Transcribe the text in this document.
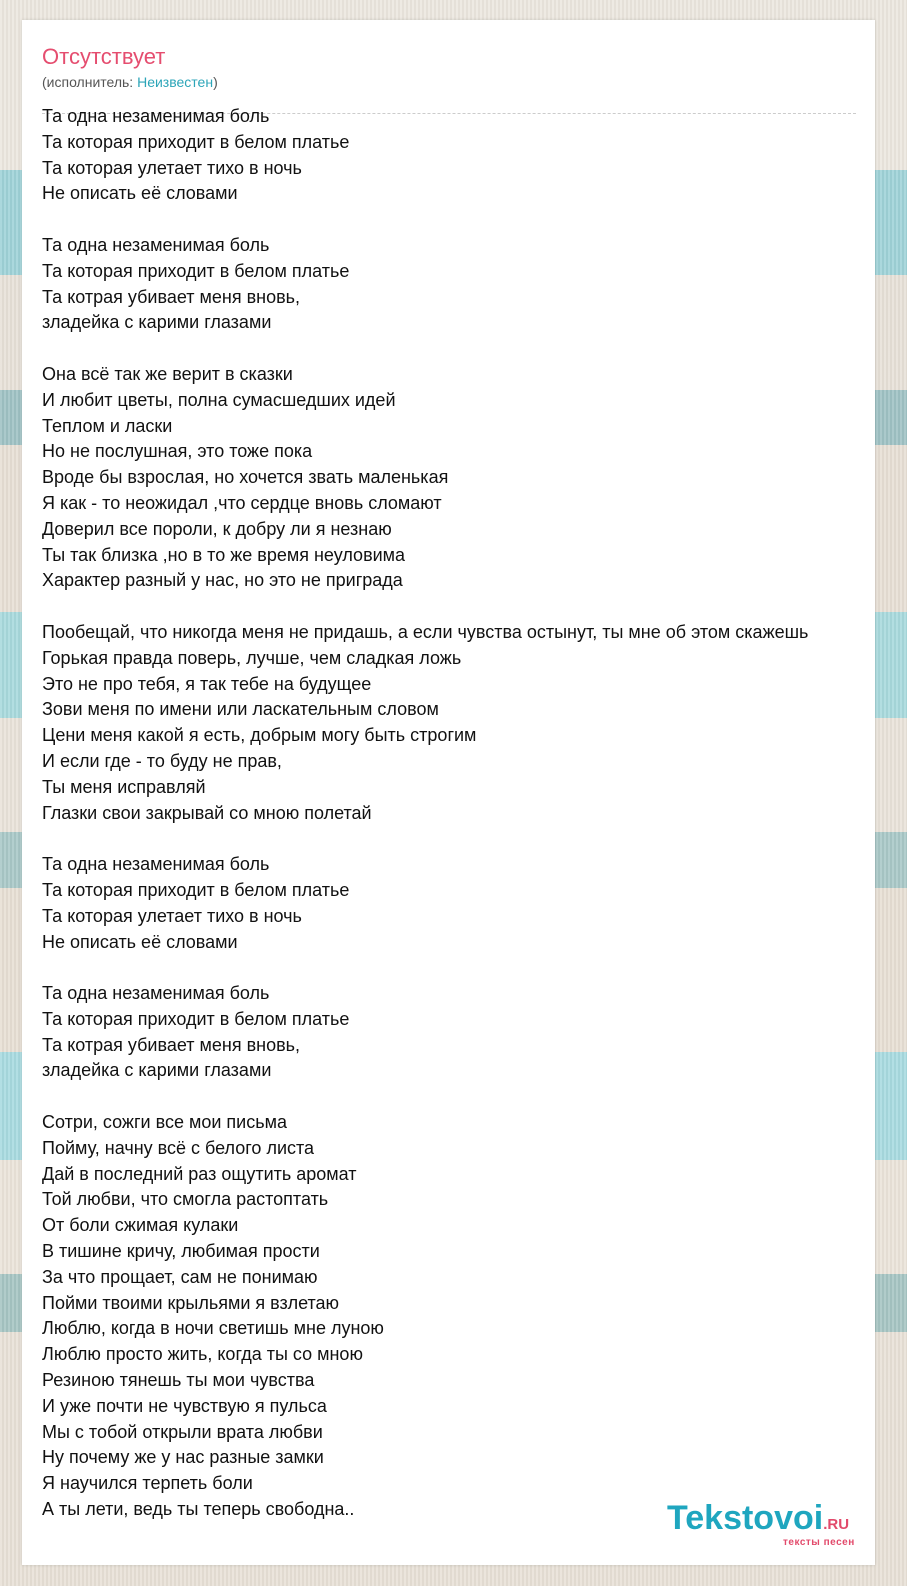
Отсутствует
(исполнитель: Неизвестен)
Та одна незаменимая боль
Та которая приходит в белом платье
Та которая улетает тихо в ночь
Не описать её словами

Та одна незаменимая боль
Та которая приходит в белом платье
Та котрая убивает меня вновь,
зладейка с карими глазами

Она всё так же верит в сказки
И любит цветы, полна сумасшедших идей
Теплом и ласки
Но не послушная, это тоже пока
Вроде бы взрослая, но хочется звать маленькая
Я как - то неожидал ,что сердце вновь сломают
Доверил все пороли, к добру ли я незнаю
Ты так близка ,но в то же время неуловима
Характер разный у нас, но это не приграда

Пообещай, что никогда меня не придашь, а если чувства остынут, ты мне об этом скажешь
Горькая правда поверь, лучше, чем сладкая ложь
Это не про тебя, я так тебе на будущее
Зови меня по имени или ласкательным словом
Цени меня какой я есть, добрым могу быть строгим
И если где - то буду не прав,
Ты меня исправляй
Глазки свои закрывай со мною полетай

Та одна незаменимая боль
Та которая приходит в белом платье
Та которая улетает тихо в ночь
Не описать её словами

Та одна незаменимая боль
Та которая приходит в белом платье
Та котрая убивает меня вновь,
зладейка с карими глазами

Сотри, сожги все мои письма
Пойму, начну всё с белого листа
Дай в последний раз ощутить аромат
Той любви, что смогла растоптать
От боли сжимая кулаки
В тишине кричу, любимая прости
За что прощает, сам не понимаю
Пойми твоими крыльями я взлетаю
Люблю, когда в ночи светишь мне луною
Люблю просто жить, когда ты со мною
Резиною тянешь ты мои чувства
И уже почти не чувствую я пульса
Мы с тобой открыли врата любви
Ну почему же у нас разные замки
Я научился терпеть боли
А ты лети, ведь ты теперь свободна..	Tekstovoi.RU
тексты песен
